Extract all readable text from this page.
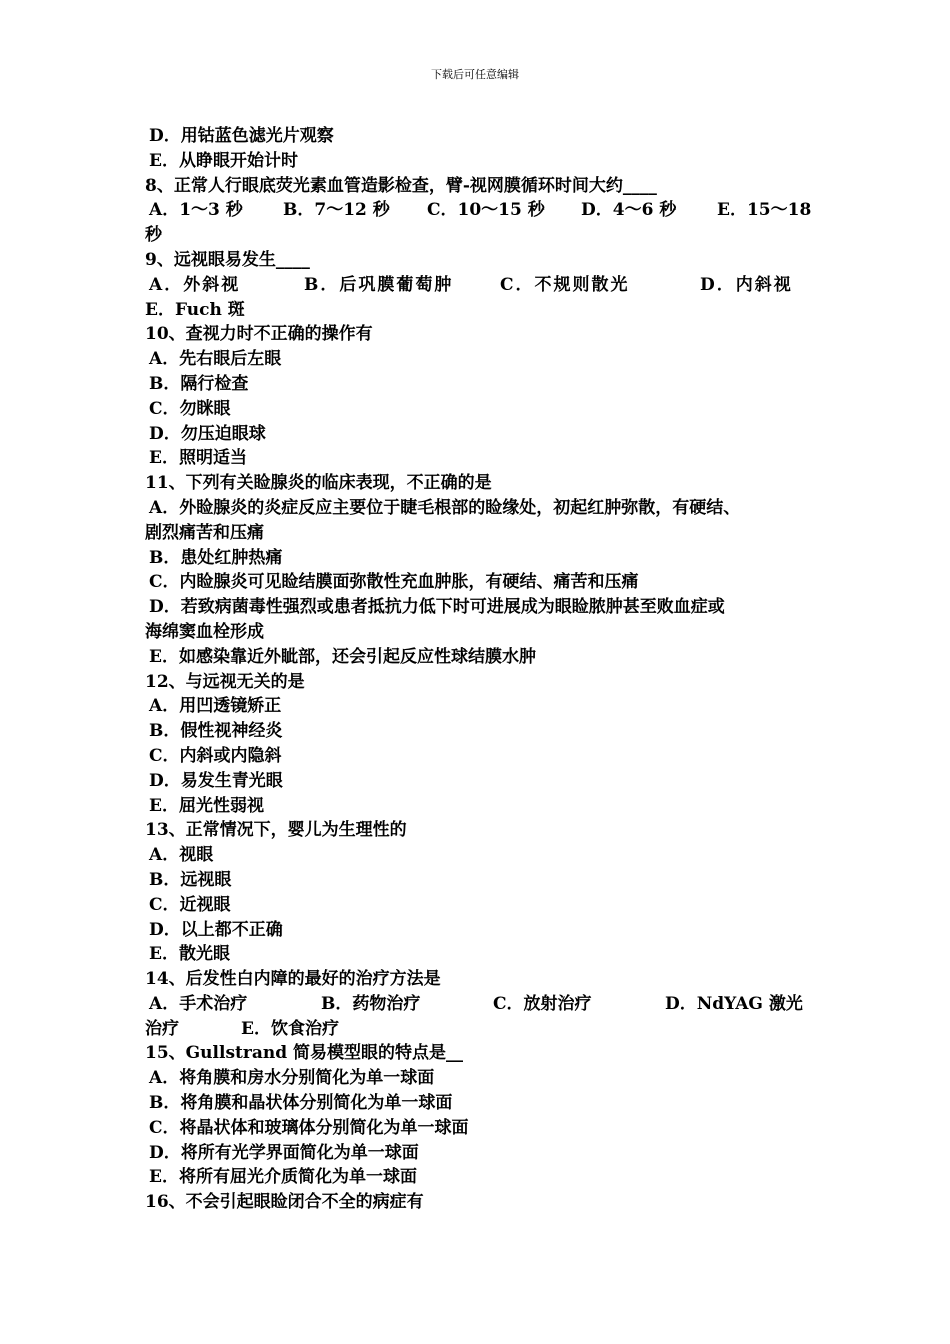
下载后可任意编辑
D．用钴蓝色滤光片观察
E．从睁眼开始计时
8、正常人行眼底荧光素血管造影检查，臂-视网膜循环时间大约____
A．1～3 秒	B．7～12 秒	C．10～15 秒	D．4～6 秒	E．15～18
秒
9、远视眼易发生____
A．外斜视	B．后巩膜葡萄肿	C．不规则散光	D．内斜视
E．Fuch 斑
10、查视力时不正确的操作有
A．先右眼后左眼
B．隔行检查
C．勿眯眼
D．勿压迫眼球
E．照明适当
11、下列有关睑腺炎的临床表现，不正确的是
A．外睑腺炎的炎症反应主要位于睫毛根部的睑缘处，初起红肿弥散，有硬结、
剧烈痛苦和压痛
B．患处红肿热痛
C．内睑腺炎可见睑结膜面弥散性充血肿胀，有硬结、痛苦和压痛
D．若致病菌毒性强烈或患者抵抗力低下时可进展成为眼睑脓肿甚至败血症或
海绵窦血栓形成
E．如感染靠近外眦部，还会引起反应性球结膜水肿
12、与远视无关的是
A．用凹透镜矫正
B．假性视神经炎
C．内斜或内隐斜
D．易发生青光眼
E．屈光性弱视
13、正常情况下，婴儿为生理性的
A．视眼
B．远视眼
C．近视眼
D．以上都不正确
E．散光眼
14、后发性白内障的最好的治疗方法是
A．手术治疗	B．药物治疗	C．放射治疗	D．NdYAG 激光
治疗	E．饮食治疗
15、Gullstrand 简易模型眼的特点是__
A．将角膜和房水分别简化为单一球面
B．将角膜和晶状体分别简化为单一球面
C．将晶状体和玻璃体分别简化为单一球面
D．将所有光学界面简化为单一球面
E．将所有屈光介质简化为单一球面
16、不会引起眼睑闭合不全的病症有
